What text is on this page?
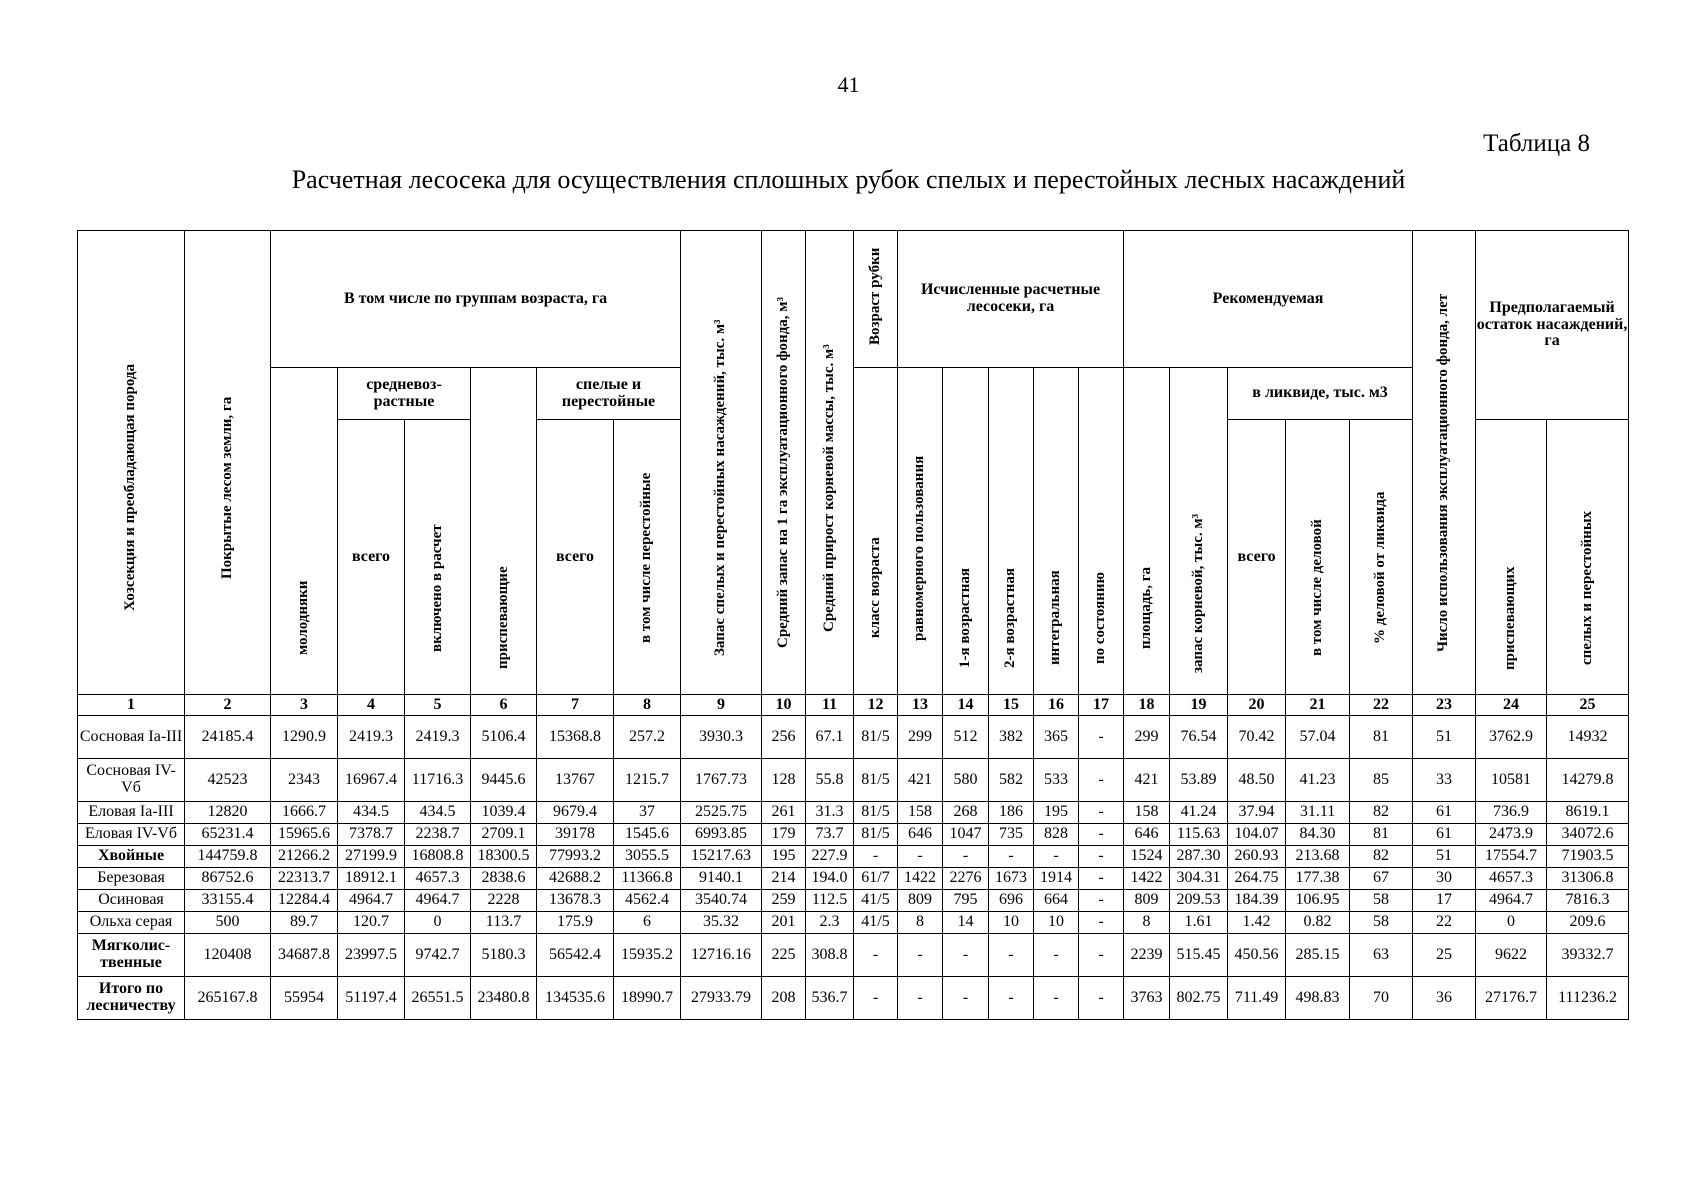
41
Таблица 8
Расчетная лесосека для осуществления сплошных рубок спелых и перестойных лесных насаждений
Хозсекция и преобладающая порода	Покрытые лесом земли, га	В том числе по группам возраста, га						Запас спелых и перестойных насаждений, тыс. м³	Средний запас на 1 га эксплуатационного фонда, м³	Средний прирост корневой массы, тыс. м³	Возраст рубки	Исчисленные расчетные лесосеки, га					Рекомендуемая					Число использования эксплуатационного фонда, лет	Предполагаемый остаток насаждений, га	

		молодняки	средневоз-растные		приспевающие	спелые и перестойные					класс возраста	равномерного пользования	1-я возрастная	2-я возрастная	интегральная	по состоянию	площадь, га	запас корневой, тыс. м³	в ликвиде, тыс. м3					
			всего	включено в расчет		всего	в том числе перестойные												всего	в том числе деловой	% деловой от ликвида		приспевающих	спелых и перестойных

1	2	3	4	5	6	7	8	9	10	11	12	13	14	15	16	17	18	19	20	21	22	23	24	25
Сосновая Ia-III	24185.4	1290.9	2419.3	2419.3	5106.4	15368.8	257.2	3930.3	256	67.1	81/5	299	512	382	365	-	299	76.54	70.42	57.04	81	51	3762.9	14932
Сосновая IV-Vб	42523	2343	16967.4	11716.3	9445.6	13767	1215.7	1767.73	128	55.8	81/5	421	580	582	533	-	421	53.89	48.50	41.23	85	33	10581	14279.8
Еловая Ia-III	12820	1666.7	434.5	434.5	1039.4	9679.4	37	2525.75	261	31.3	81/5	158	268	186	195	-	158	41.24	37.94	31.11	82	61	736.9	8619.1
Еловая IV-Vб	65231.4	15965.6	7378.7	2238.7	2709.1	39178	1545.6	6993.85	179	73.7	81/5	646	1047	735	828	-	646	115.63	104.07	84.30	81	61	2473.9	34072.6
Хвойные	144759.8	21266.2	27199.9	16808.8	18300.5	77993.2	3055.5	15217.63	195	227.9	-	-	-	-	-	-	1524	287.30	260.93	213.68	82	51	17554.7	71903.5
Березовая	86752.6	22313.7	18912.1	4657.3	2838.6	42688.2	11366.8	9140.1	214	194.0	61/7	1422	2276	1673	1914	-	1422	304.31	264.75	177.38	67	30	4657.3	31306.8
Осиновая	33155.4	12284.4	4964.7	4964.7	2228	13678.3	4562.4	3540.74	259	112.5	41/5	809	795	696	664	-	809	209.53	184.39	106.95	58	17	4964.7	7816.3
Ольха серая	500	89.7	120.7	0	113.7	175.9	6	35.32	201	2.3	41/5	8	14	10	10	-	8	1.61	1.42	0.82	58	22	0	209.6
Мягколис-твенные	120408	34687.8	23997.5	9742.7	5180.3	56542.4	15935.2	12716.16	225	308.8	-	-	-	-	-	-	2239	515.45	450.56	285.15	63	25	9622	39332.7
Итого по лесничеству	265167.8	55954	51197.4	26551.5	23480.8	134535.6	18990.7	27933.79	208	536.7	-	-	-	-	-	-	3763	802.75	711.49	498.83	70	36	27176.7	111236.2
